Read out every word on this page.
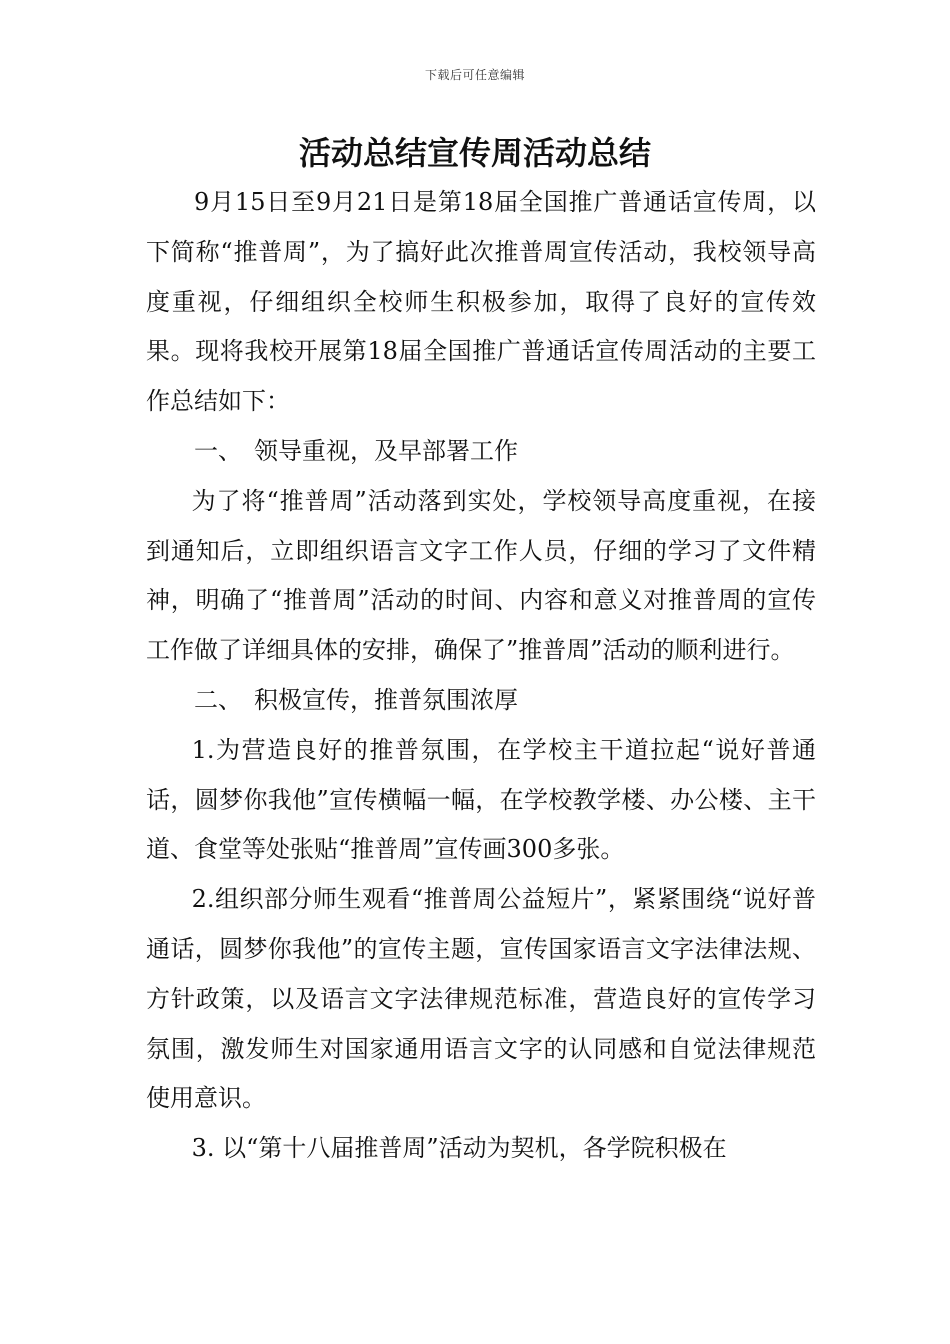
下载后可任意编辑
活动总结宣传周活动总结

9月15日至9月21日是第18届全国推广普通话宣传周，以下简称“推普周”，为了搞好此次推普周宣传活动，我校领导高度重视，仔细组织全校师生积极参加，取得了良好的宣传效果。现将我校开展第18届全国推广普通话宣传周活动的主要工作总结如下：

一、　领导重视，及早部署工作

为了将“推普周”活动落到实处，学校领导高度重视，在接到通知后，立即组织语言文字工作人员，仔细的学习了文件精神，明确了“推普周”活动的时间、内容和意义对推普周的宣传工作做了详细具体的安排，确保了”推普周”活动的顺利进行。

二、　积极宣传，推普氛围浓厚

1.为营造良好的推普氛围，在学校主干道拉起“说好普通话，圆梦你我他”宣传横幅一幅，在学校教学楼、办公楼、主干道、食堂等处张贴“推普周”宣传画300多张。

2.组织部分师生观看“推普周公益短片”，紧紧围绕“说好普通话，圆梦你我他”的宣传主题，宣传国家语言文字法律法规、方针政策，以及语言文字法律规范标准，营造良好的宣传学习氛围，激发师生对国家通用语言文字的认同感和自觉法律规范使用意识。

3. 以“第十八届推普周”活动为契机，各学院积极在
